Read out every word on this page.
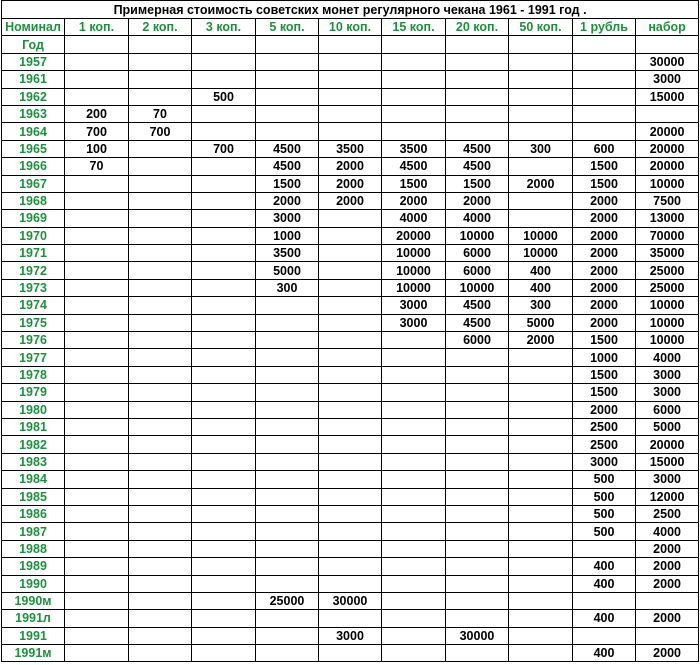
Примерная стоимость советских монет регулярного чекана 1961 - 1991 год .										
Номинал	1 коп.	2 коп.	3 коп.	5 коп.	10 коп.	15 коп.	20 коп.	50 коп.	1 рубль	набор
Год										
1957										30000
1961										3000
1962			500							15000
1963	200	70								
1964	700	700								20000
1965	100		700	4500	3500	3500	4500	300	600	20000
1966	70			4500	2000	4500	4500		1500	20000
1967				1500	2000	1500	1500	2000	1500	10000
1968				2000	2000	2000	2000		2000	7500
1969				3000		4000	4000		2000	13000
1970				1000		20000	10000	10000	2000	70000
1971				3500		10000	6000	10000	2000	35000
1972				5000		10000	6000	400	2000	25000
1973				300		10000	10000	400	2000	25000
1974						3000	4500	300	2000	10000
1975						3000	4500	5000	2000	10000
1976							6000	2000	1500	10000
1977									1000	4000
1978									1500	3000
1979									1500	3000
1980									2000	6000
1981									2500	5000
1982									2500	20000
1983									3000	15000
1984									500	3000
1985									500	12000
1986									500	2500
1987									500	4000
1988										2000
1989									400	2000
1990									400	2000
1990м				25000	30000					
1991л									400	2000
1991					3000		30000			
1991м									400	2000
